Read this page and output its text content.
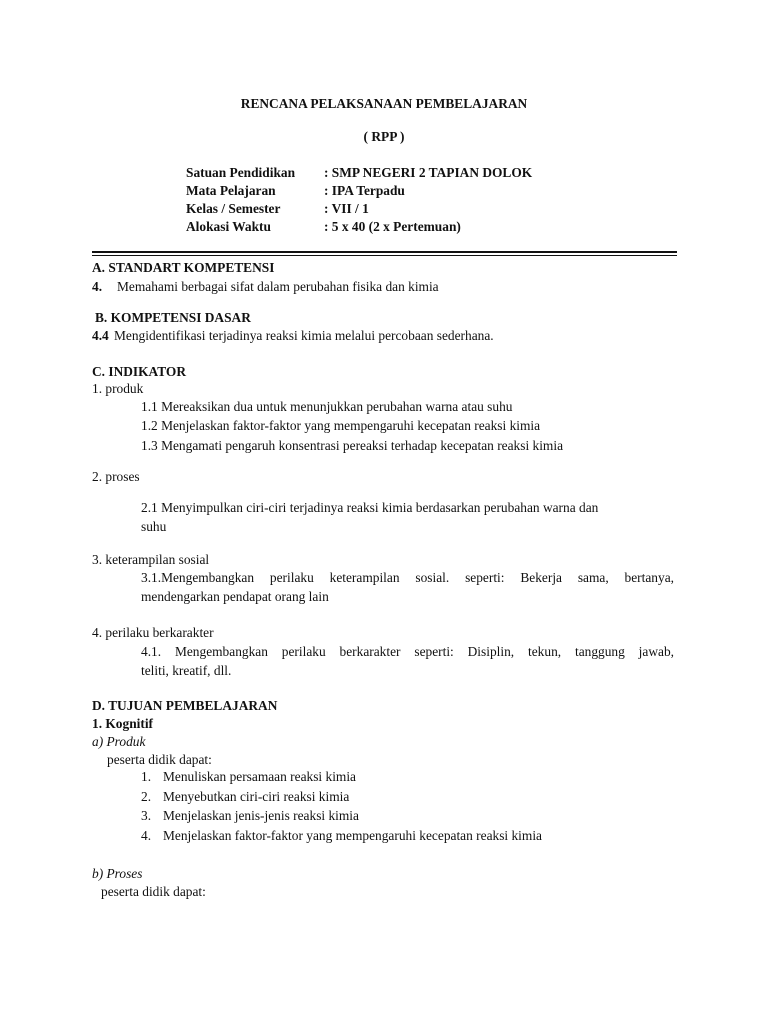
RENCANA PELAKSANAAN PEMBELAJARAN
( RPP )
Satuan Pendidikan : SMP NEGERI 2 TAPIAN DOLOK
Mata Pelajaran	: IPA Terpadu
Kelas / Semester	: VII / 1
Alokasi Waktu	: 5 x 40 (2 x Pertemuan)
A. STANDART KOMPETENSI
4. Memahami berbagai sifat dalam perubahan fisika dan kimia
B. KOMPETENSI DASAR
4.4 Mengidentifikasi terjadinya reaksi kimia melalui percobaan sederhana.
C. INDIKATOR
1. produk
1.1 Mereaksikan dua untuk menunjukkan perubahan warna atau suhu
1.2 Menjelaskan faktor-faktor yang mempengaruhi kecepatan reaksi kimia
1.3 Mengamati pengaruh konsentrasi pereaksi terhadap kecepatan reaksi kimia
2. proses
2.1 Menyimpulkan ciri-ciri terjadinya reaksi kimia berdasarkan perubahan warna dan
suhu
3. keterampilan sosial
3.1.Mengembangkan perilaku keterampilan sosial. seperti: Bekerja sama, bertanya,
mendengarkan pendapat orang lain
4. perilaku berkarakter
4.1. Mengembangkan perilaku berkarakter seperti: Disiplin, tekun, tanggung jawab,
teliti, kreatif, dll.
D. TUJUAN PEMBELAJARAN
1. Kognitif
a) Produk
peserta didik dapat:
1. Menuliskan persamaan reaksi kimia
2. Menyebutkan ciri-ciri reaksi kimia
3. Menjelaskan jenis-jenis reaksi kimia
4. Menjelaskan faktor-faktor yang mempengaruhi kecepatan reaksi kimia
b) Proses
peserta didik dapat:
